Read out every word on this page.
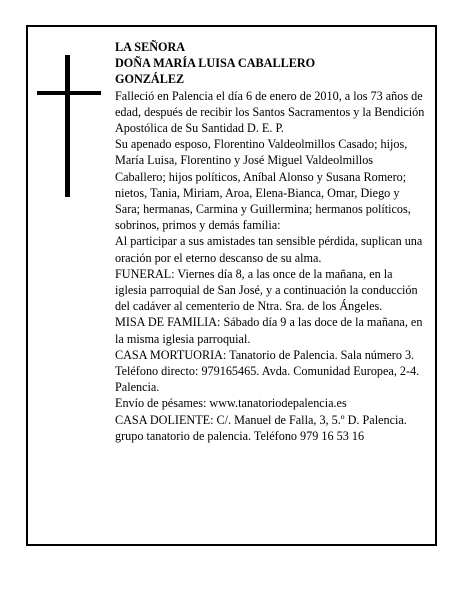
LA SEÑORA

DOÑA MARÍA LUISA CABALLERO

GONZÁLEZ

Falleció en Palencia el día 6 de enero de 2010, a los 73 años de edad, después de recibir los Santos Sacramentos y la Bendición Apostólica de Su Santidad D. E. P.

Su apenado esposo, Florentino Valdeolmillos Casado; hijos, María Luisa, Florentino y José Miguel Valdeolmillos Caballero; hijos políticos, Aníbal Alonso y Susana Romero; nietos, Tania, Miriam, Aroa, Elena-Bianca, Omar, Diego y Sara; hermanas, Carmina y Guillermina; hermanos políticos, sobrinos, primos y demás familia:

Al participar a sus amistades tan sensible pérdida, suplican una oración por el eterno descanso de su alma.

FUNERAL: Viernes día 8, a las once de la mañana, en la iglesia parroquial de San José, y a continuación la conducción del cadáver al cementerio de Ntra. Sra. de los Ángeles.

MISA DE FAMILIA: Sábado día 9 a las doce de la mañana, en la misma iglesia parroquial.

CASA MORTUORIA: Tanatorio de Palencia. Sala número 3. Teléfono directo: 979165465. Avda. Comunidad Europea, 2-4. Palencia.

Envío de pésames: www.tanatoriodepalencia.es

CASA DOLIENTE: C/. Manuel de Falla, 3, 5.º D. Palencia.

grupo tanatorio de palencia. Teléfono 979 16 53 16
